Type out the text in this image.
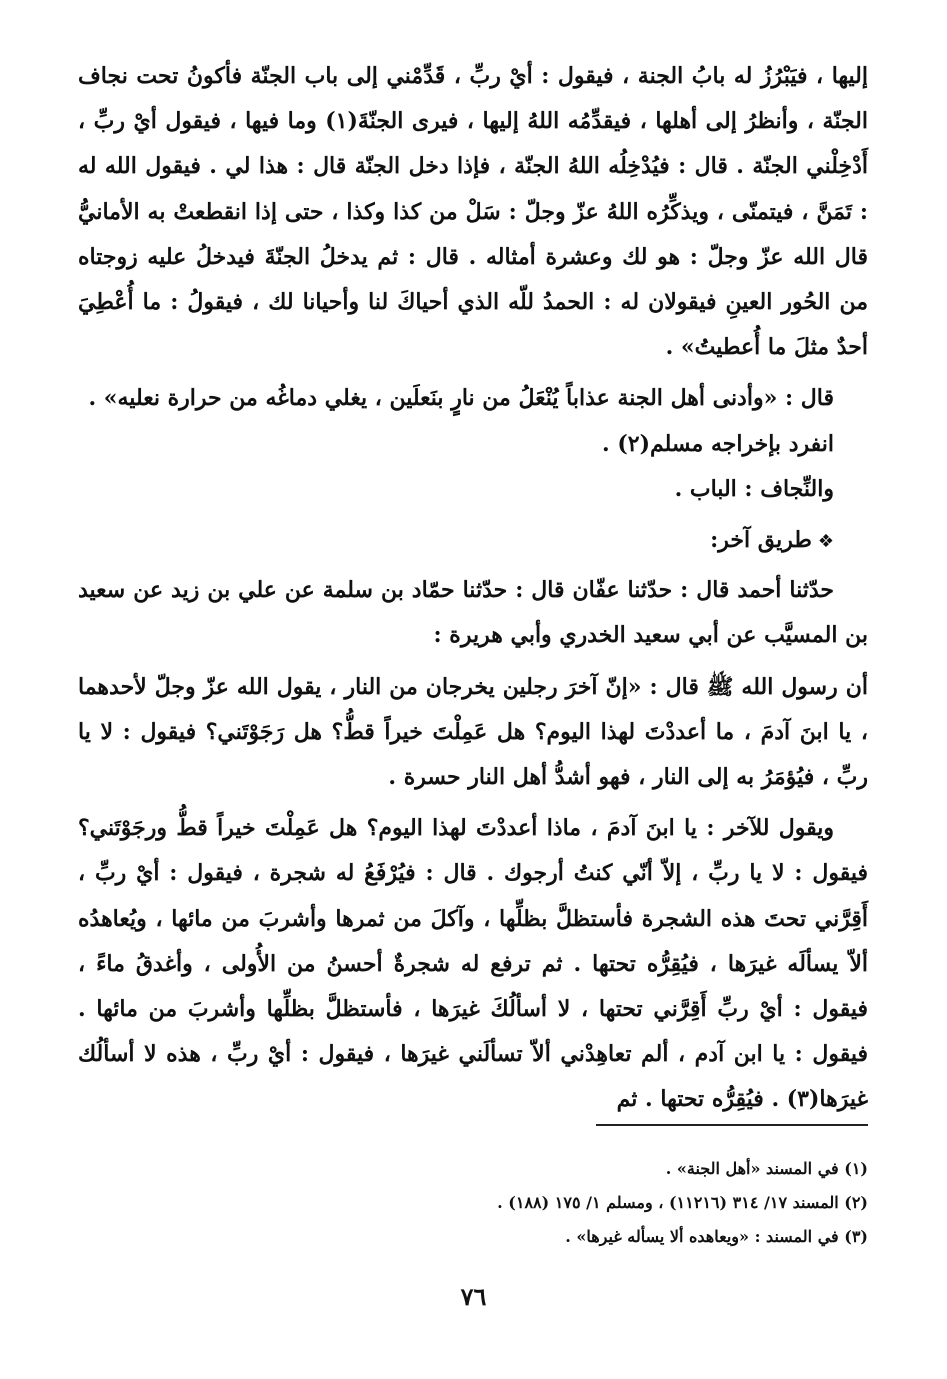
إليها ، فيَبْرُزُ له بابُ الجنة ، فيقول : أيْ ربِّ ، قَدِّمْني إلى باب الجنّة فأكونُ تحت نجاف الجنّة ، وأنظرُ إلى أهلها ، فيقدِّمُه اللهُ إليها ، فيرى الجنّةَ(١) وما فيها ، فيقول أيْ ربِّ ، أَدْخِلْني الجنّة . قال : فيُدْخِلُه اللهُ الجنّة ، فإذا دخل الجنّة قال : هذا لي . فيقول الله له : تَمَنَّ ، فيتمنّى ، ويذكِّرُه اللهُ عزّ وجلّ : سَلْ من كذا وكذا ، حتى إذا انقطعتْ به الأمانيُّ قال الله عزّ وجلّ : هو لك وعشرة أمثاله . قال : ثم يدخلُ الجنّةَ فيدخلُ عليه زوجتاه من الحُور العينِ فيقولان له : الحمدُ للّه الذي أحياكَ لنا وأحيانا لك ، فيقولُ : ما أُعْطِيَ أحدٌ مثلَ ما أُعطيتُ» .

قال : «وأدنى أهل الجنة عذاباً يُنْعَلُ من نارٍ بنَعلَين ، يغلي دماغُه من حرارة نعليه» .

انفرد بإخراجه مسلم(٢) .

والنِّجاف : الباب .

❖طريق آخر:

حدّثنا أحمد قال : حدّثنا عفّان قال : حدّثنا حمّاد بن سلمة عن علي بن زيد عن سعيد بن المسيَّب عن أبي سعيد الخدري وأبي هريرة :

أن رسول الله ﷺ قال : «إنّ آخرَ رجلين يخرجان من النار ، يقول الله عزّ وجلّ لأحدهما ، يا ابنَ آدمَ ، ما أعددْتَ لهذا اليوم؟ هل عَمِلْتَ خيراً قطُّ؟ هل رَجَوْتَني؟ فيقول : لا يا ربِّ ، فيُؤمَرُ به إلى النار ، فهو أشدُّ أهل النار حسرة .

ويقول للآخر : يا ابنَ آدمَ ، ماذا أعددْتَ لهذا اليوم؟ هل عَمِلْتَ خيراً قطُّ ورجَوْتَني؟ فيقول : لا يا ربِّ ، إلاّ أنّي كنتُ أرجوك . قال : فيُرْفَعُ له شجرة ، فيقول : أيْ ربِّ ، أَقِرَّني تحتَ هذه الشجرة فأستظلَّ بظلِّها ، وآكلَ من ثمرها وأشربَ من مائها ، ويُعاهدُه ألاّ يسألَه غيرَها ، فيُقِرُّه تحتها . ثم ترفع له شجرةٌ أحسنُ من الأُولى ، وأغدقُ ماءً ، فيقول : أيْ ربِّ أَقِرَّني تحتها ، لا أسألُكَ غيرَها ، فأستظلَّ بظلِّها وأشربَ من مائها . فيقول : يا ابن آدم ، ألم تعاهِدْني ألاّ تسألَني غيرَها ، فيقول : أيْ ربِّ ، هذه لا أسألُك غيرَها(٣) . فيُقِرُّه تحتها . ثم

(١) في المسند «أهل الجنة» .

(٢) المسند ١٧/ ٣١٤ (١١٢١٦) ، ومسلم ١/ ١٧٥ (١٨٨) .

(٣) في المسند : «ويعاهده ألا يسأله غيرها» .

٧٦
